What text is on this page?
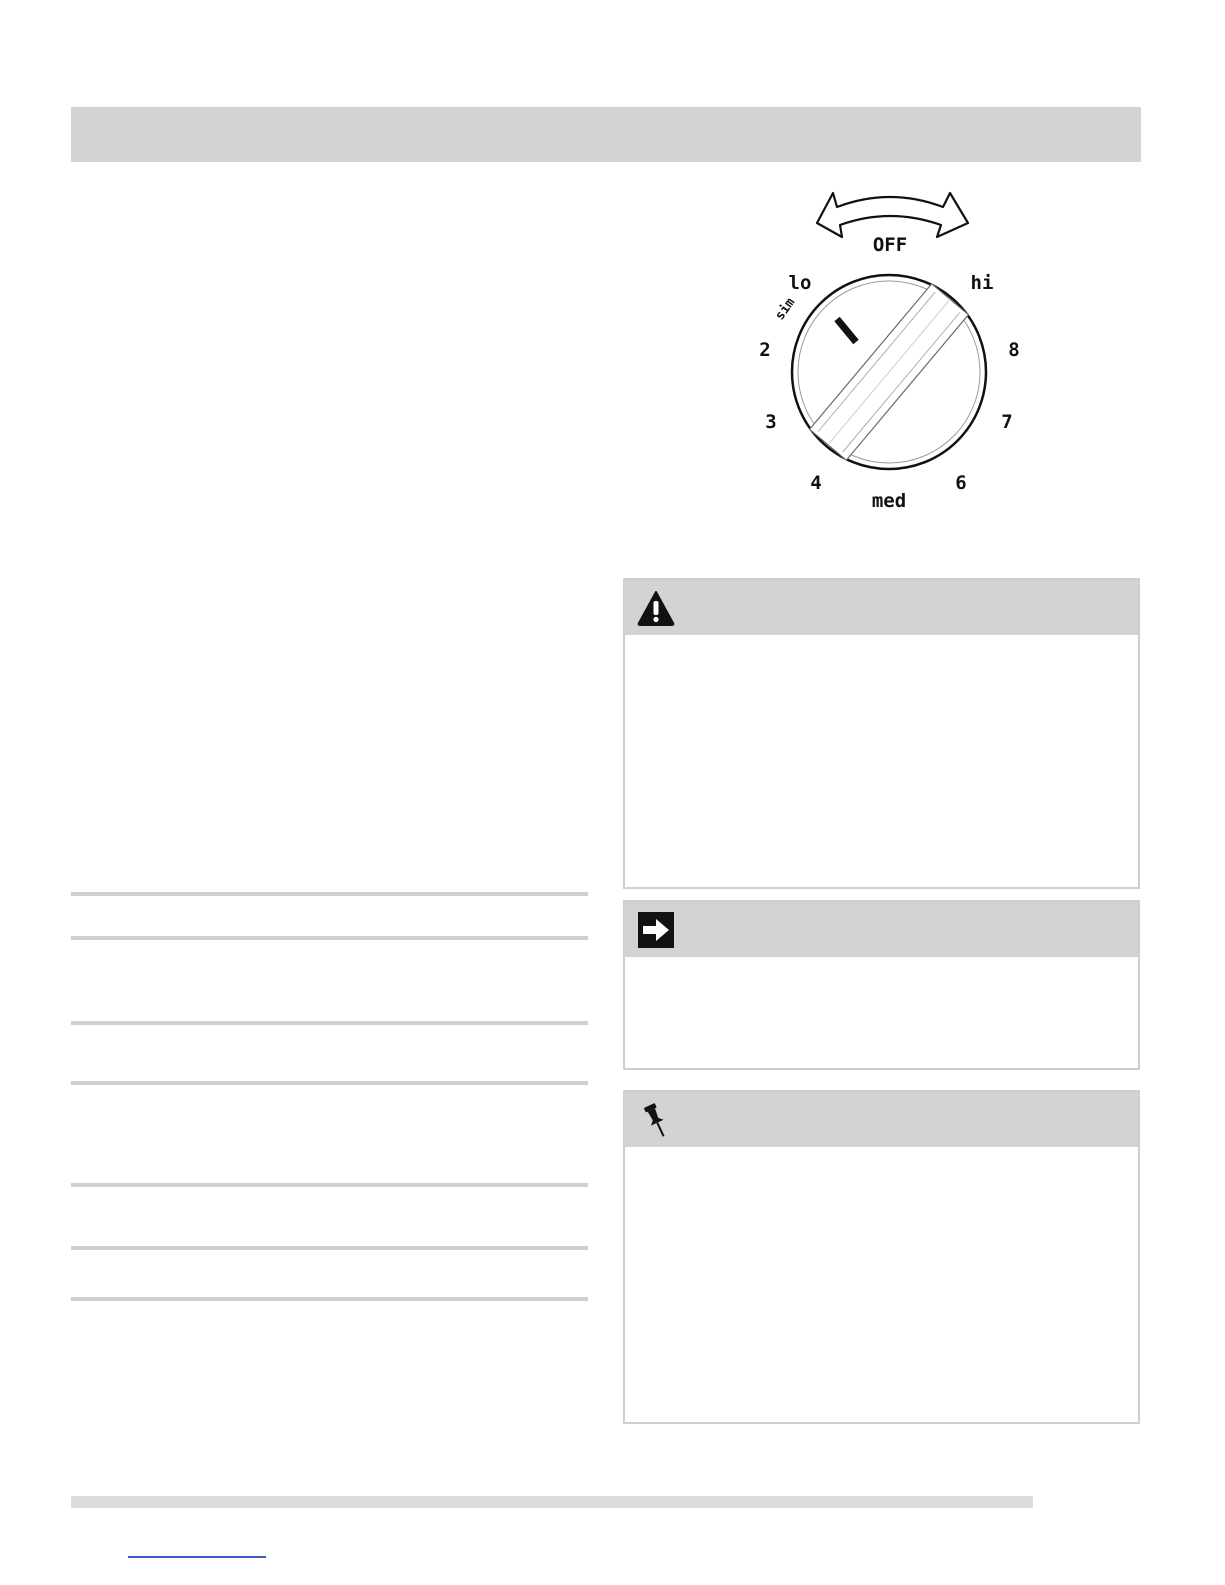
OFF
lo
sim
hi
2	8
3	7
4	6
med
